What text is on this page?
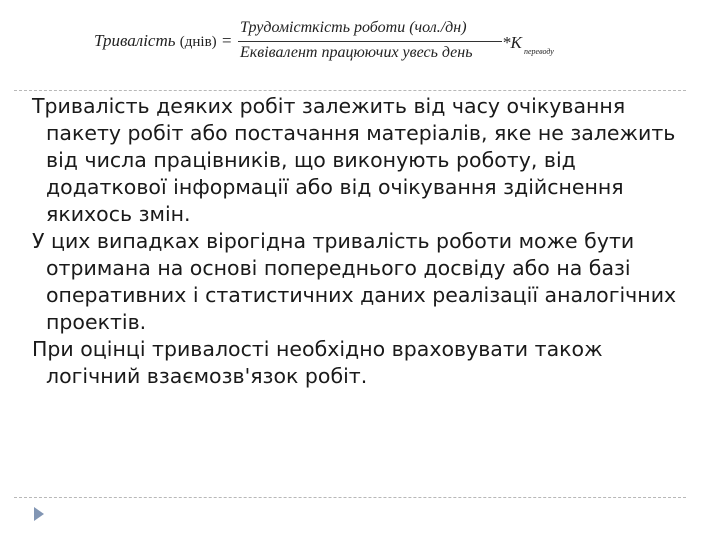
Тривалість (днів) =
Трудомісткість роботи (чол./дн)
Еквівалент працюючих увесь день
*K переводу

Тривалість деяких робіт залежить від часу очікування пакету робіт або постачання матеріалів, яке не залежить від числа працівників, що виконують роботу, від додаткової інформації або від очікування здійснення якихось змін.

У цих випадках вірогідна тривалість роботи може бути отримана на основі попереднього досвіду або на базі оперативних і статистичних даних реалізації аналогічних проектів.

При оцінці тривалості необхідно враховувати також логічний взаємозв'язок робіт.
